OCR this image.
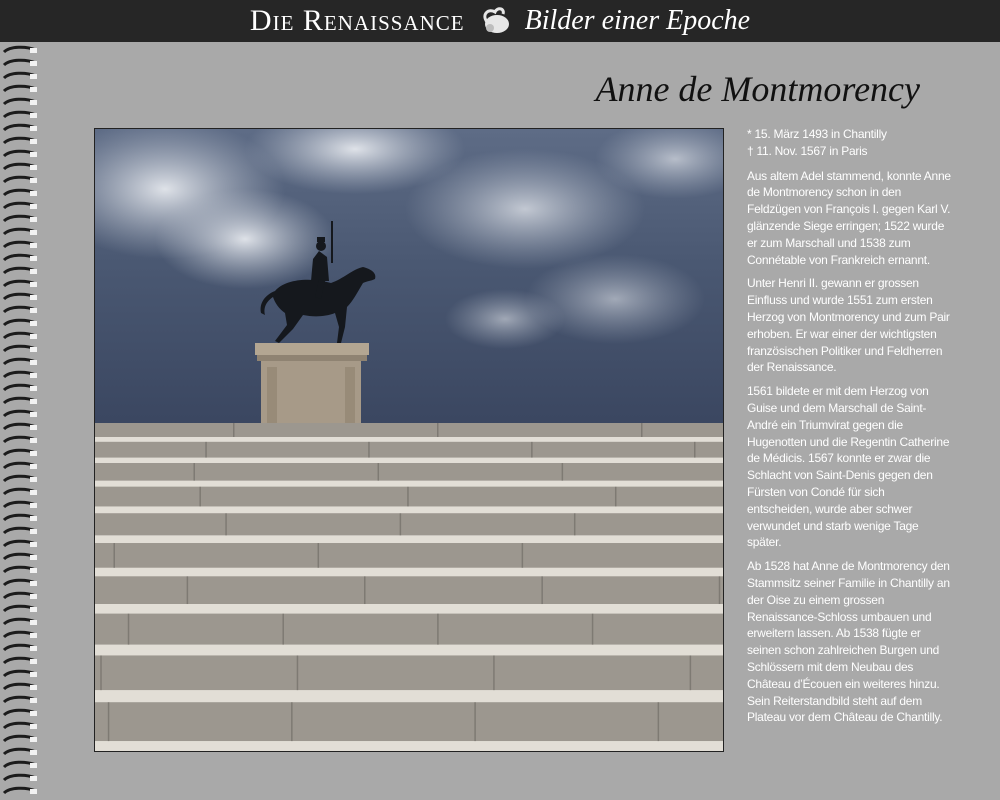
Die Renaissance Bilder einer Epoche
Anne de Montmorency
* 15. März 1493 in Chantilly
† 11. Nov. 1567 in Paris

Aus altem Adel stammend, konnte Anne de Montmorency schon in den Feldzügen von François I. gegen Karl V. glänzende Siege erringen; 1522 wurde er zum Marschall und 1538 zum Connétable von Frankreich ernannt.

Unter Henri II. gewann er grossen Einfluss und wurde 1551 zum ersten Herzog von Montmorency und zum Pair erhoben. Er war einer der wichtigsten französischen Politiker und Feldherren der Renaissance.

1561 bildete er mit dem Herzog von Guise und dem Marschall de Saint-André ein Triumvirat gegen die Hugenotten und die Regentin Catherine de Médicis. 1567 konnte er zwar die Schlacht von Saint-Denis gegen den Fürsten von Condé für sich entscheiden, wurde aber schwer verwundet und starb wenige Tage später.

Ab 1528 hat Anne de Montmorency den Stammsitz seiner Familie in Chantilly an der Oise zu einem grossen Renaissance-Schloss umbauen und erweitern lassen. Ab 1538 fügte er seinen schon zahlreichen Burgen und Schlössern mit dem Neubau des Château d’Écouen ein weiteres hinzu. Sein Reiterstandbild steht auf dem Plateau vor dem Château de Chantilly.
